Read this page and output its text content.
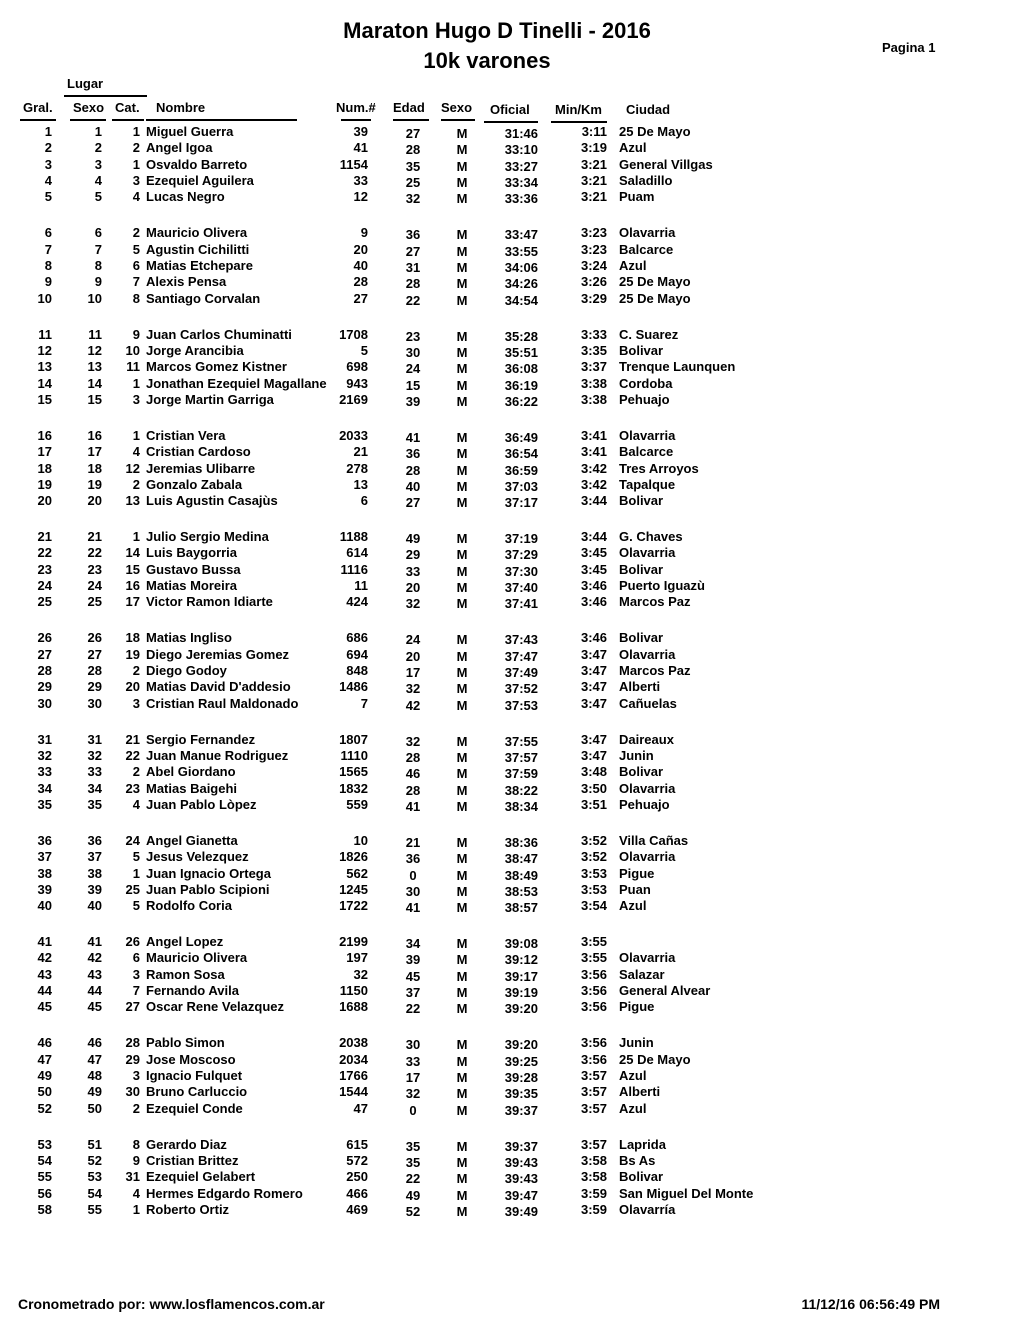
Maraton Hugo D Tinelli - 2016
10k varones
Pagina 1
Lugar
Gral. Sexo Cat. Nombre	Num.# Edad Sexo Oficial Min/Km Ciudad
1	1	1 Miguel Guerra	39	27	M	31:46	3:11 25 De Mayo
2	2	2 Angel Igoa	41	28	M	33:10	3:19 Azul
3	3	1 Osvaldo Barreto	1154	35	M	33:27	3:21 General Villgas
4	4	3 Ezequiel Aguilera	33	25	M	33:34	3:21 Saladillo
5	5	4 Lucas Negro	12	32	M	33:36	3:21 Puam
6	6	2 Mauricio Olivera	9	36	M	33:47	3:23 Olavarria
7	7	5 Agustin Cichilitti	20	27	M	33:55	3:23 Balcarce
8	8	6 Matias Etchepare	40	31	M	34:06	3:24 Azul
9	9	7 Alexis Pensa	28	28	M	34:26	3:26 25 De Mayo
10	10	8 Santiago Corvalan	27	22	M	34:54	3:29 25 De Mayo
11	11	9 Juan Carlos Chuminatti	1708	23	M	35:28	3:33 C. Suarez
12	12	10 Jorge Arancibia	5	30	M	35:51	3:35 Bolivar
13	13	11 Marcos Gomez Kistner	698	24	M	36:08	3:37 Trenque Launquen
14	14	1 Jonathan Ezequiel Magallane	943	15	M	36:19	3:38 Cordoba
15	15	3 Jorge Martin Garriga	2169	39	M	36:22	3:38 Pehuajo
16	16	1 Cristian Vera	2033	41	M	36:49	3:41 Olavarria
17	17	4 Cristian Cardoso	21	36	M	36:54	3:41 Balcarce
18	18	12 Jeremias Ulibarre	278	28	M	36:59	3:42 Tres Arroyos
19	19	2 Gonzalo Zabala	13	40	M	37:03	3:42 Tapalque
20	20	13 Luis Agustin Casajùs	6	27	M	37:17	3:44 Bolivar
21	21	1 Julio Sergio Medina	1188	49	M	37:19	3:44 G. Chaves
22	22	14 Luis Baygorria	614	29	M	37:29	3:45 Olavarria
23	23	15 Gustavo Bussa	1116	33	M	37:30	3:45 Bolivar
24	24	16 Matias Moreira	11	20	M	37:40	3:46 Puerto Iguazù
25	25	17 Victor Ramon Idiarte	424	32	M	37:41	3:46 Marcos Paz
26	26	18 Matias Ingliso	686	24	M	37:43	3:46 Bolivar
27	27	19 Diego Jeremias Gomez	694	20	M	37:47	3:47 Olavarria
28	28	2 Diego Godoy	848	17	M	37:49	3:47 Marcos Paz
29	29	20 Matias David D'addesio	1486	32	M	37:52	3:47 Alberti
30	30	3 Cristian Raul Maldonado	7	42	M	37:53	3:47 Cañuelas
31	31	21 Sergio Fernandez	1807	32	M	37:55	3:47 Daireaux
32	32	22 Juan Manue Rodriguez	1110	28	M	37:57	3:47 Junin
33	33	2 Abel Giordano	1565	46	M	37:59	3:48 Bolivar
34	34	23 Matias Baigehi	1832	28	M	38:22	3:50 Olavarria
35	35	4 Juan Pablo Lòpez	559	41	M	38:34	3:51 Pehuajo
36	36	24 Angel Gianetta	10	21	M	38:36	3:52 Villa Cañas
37	37	5 Jesus Velezquez	1826	36	M	38:47	3:52 Olavarria
38	38	1 Juan Ignacio Ortega	562	0	M	38:49	3:53 Pigue
39	39	25 Juan Pablo Scipioni	1245	30	M	38:53	3:53 Puan
40	40	5 Rodolfo Coria	1722	41	M	38:57	3:54 Azul
41	41	26 Angel Lopez	2199	34	M	39:08	3:55
42	42	6 Mauricio Olivera	197	39	M	39:12	3:55 Olavarria
43	43	3 Ramon Sosa	32	45	M	39:17	3:56 Salazar
44	44	7 Fernando Avila	1150	37	M	39:19	3:56 General Alvear
45	45	27 Oscar Rene Velazquez	1688	22	M	39:20	3:56 Pigue
46	46	28 Pablo Simon	2038	30	M	39:20	3:56 Junin
47	47	29 Jose Moscoso	2034	33	M	39:25	3:56 25 De Mayo
49	48	3 Ignacio Fulquet	1766	17	M	39:28	3:57 Azul
50	49	30 Bruno Carluccio	1544	32	M	39:35	3:57 Alberti
52	50	2 Ezequiel Conde	47	0	M	39:37	3:57 Azul
53	51	8 Gerardo Diaz	615	35	M	39:37	3:57 Laprida
54	52	9 Cristian Brittez	572	35	M	39:43	3:58 Bs As
55	53	31 Ezequiel Gelabert	250	22	M	39:43	3:58 Bolivar
56	54	4 Hermes Edgardo Romero	466	49	M	39:47	3:59 San Miguel Del Monte
58	55	1 Roberto Ortiz	469	52	M	39:49	3:59 Olavarría
Cronometrado por: www.losflamencos.com.ar	11/12/16 06:56:49 PM
